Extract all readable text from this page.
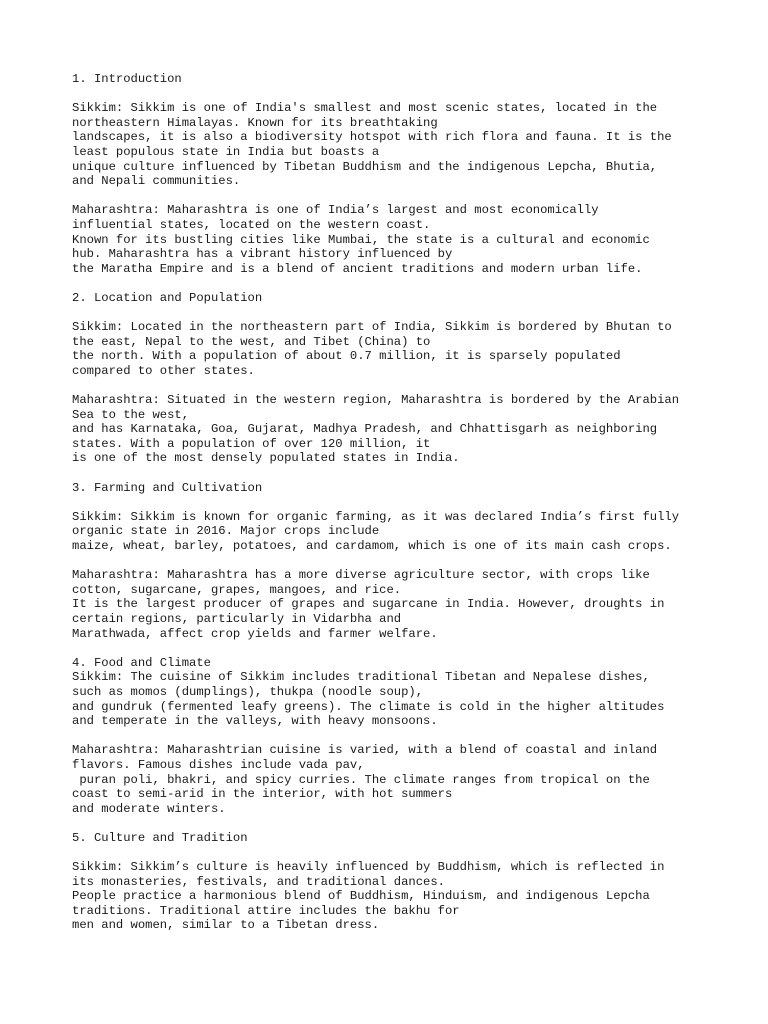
1. Introduction
Sikkim: Sikkim is one of India's smallest and most scenic states, located in the
northeastern Himalayas. Known for its breathtaking
landscapes, it is also a biodiversity hotspot with rich flora and fauna. It is the
least populous state in India but boasts a
unique culture influenced by Tibetan Buddhism and the indigenous Lepcha, Bhutia,
and Nepali communities.
Maharashtra: Maharashtra is one of India’s largest and most economically
influential states, located on the western coast.
Known for its bustling cities like Mumbai, the state is a cultural and economic
hub. Maharashtra has a vibrant history influenced by
the Maratha Empire and is a blend of ancient traditions and modern urban life.
2. Location and Population
Sikkim: Located in the northeastern part of India, Sikkim is bordered by Bhutan to
the east, Nepal to the west, and Tibet (China) to
the north. With a population of about 0.7 million, it is sparsely populated
compared to other states.
Maharashtra: Situated in the western region, Maharashtra is bordered by the Arabian
Sea to the west,
and has Karnataka, Goa, Gujarat, Madhya Pradesh, and Chhattisgarh as neighboring
states. With a population of over 120 million, it
is one of the most densely populated states in India.
3. Farming and Cultivation
Sikkim: Sikkim is known for organic farming, as it was declared India’s first fully
organic state in 2016. Major crops include
maize, wheat, barley, potatoes, and cardamom, which is one of its main cash crops.
Maharashtra: Maharashtra has a more diverse agriculture sector, with crops like
cotton, sugarcane, grapes, mangoes, and rice.
It is the largest producer of grapes and sugarcane in India. However, droughts in
certain regions, particularly in Vidarbha and
Marathwada, affect crop yields and farmer welfare.
4. Food and Climate
Sikkim: The cuisine of Sikkim includes traditional Tibetan and Nepalese dishes,
such as momos (dumplings), thukpa (noodle soup),
and gundruk (fermented leafy greens). The climate is cold in the higher altitudes
and temperate in the valleys, with heavy monsoons.
Maharashtra: Maharashtrian cuisine is varied, with a blend of coastal and inland
flavors. Famous dishes include vada pav,
puran poli, bhakri, and spicy curries. The climate ranges from tropical on the
coast to semi-arid in the interior, with hot summers
and moderate winters.
5. Culture and Tradition
Sikkim: Sikkim’s culture is heavily influenced by Buddhism, which is reflected in
its monasteries, festivals, and traditional dances.
People practice a harmonious blend of Buddhism, Hinduism, and indigenous Lepcha
traditions. Traditional attire includes the bakhu for
men and women, similar to a Tibetan dress.
